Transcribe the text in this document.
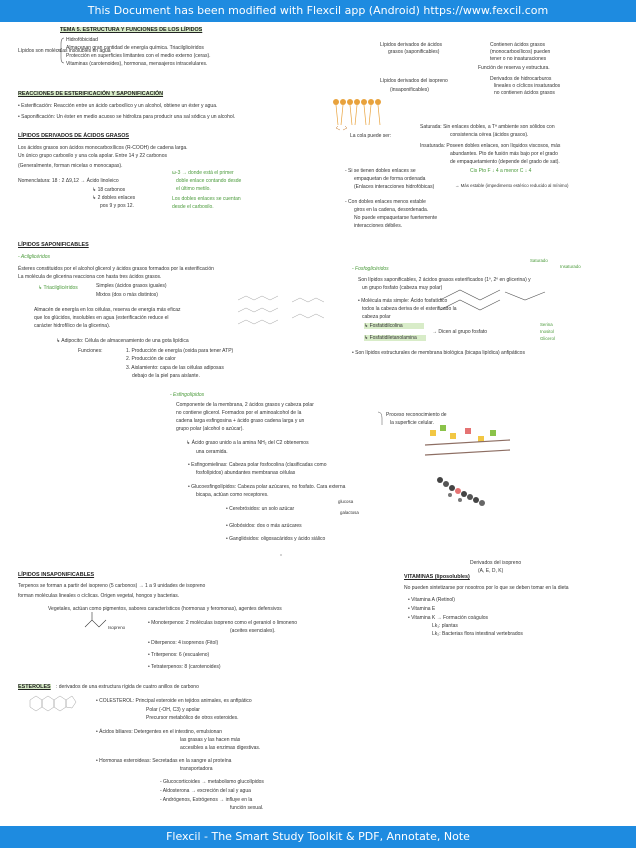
This Document has been modified with Flexcil app (Android) https://www.fexcil.com
TEMA 5. ESTRUCTURA Y FUNCIONES DE LOS LÍPIDOS
Lípidos son moléculas insolubles en agua
Hidrofóbicidad
Almacenan gran cantidad de energía química. Triacilglicéridos
Protección en superficies limitantes con el medio externo (ceras).
Vitaminas (carotenoides), hormonas, mensajeros intracelulares.
REACCIONES DE ESTERIFICACIÓN Y SAPONIFICACIÓN
• Esterificación: Reacción entre un ácido carboxílico y un alcohol, obtiene un éster y agua.
• Saponificación: Un éster en medio acuoso se hidroliza para producir una sal sódica y un alcohol.
LÍPIDOS DERIVADOS DE ÁCIDOS GRASOS
Los ácidos grasos son ácidos monocarboxílicos (R-COOH) de cadena larga.
Un único grupo carboxilo y una cola apolar. Entre 14 y 22 carbonos
(Generalmente, forman micelas o monocapas).
Nomenclatura: 18 : 2 Δ9,12 → Ácido linoleico
↳ 18 carbonos
↳ 2 dobles enlaces
pos 9 y pos 12.
ω-3 → donde está el primer
doble enlace contando desde
el último metilo.
Los dobles enlaces se cuentan
desde el carboxilo.
Lípidos derivados de ácidos
grasos (saponificables)
Contienen ácidos grasos
(monocarboxílicos) pueden
tener o no insaturaciones
Función de reserva y estructura.
Lípidos derivados del isopreno
(insaponificables)
Derivados de hidrocarburos
lineales o cíclicos insaturados
no contienen ácidos grasos
La cola puede ser:
Saturada: Sin enlaces dobles, a Tª ambiente son sólidos con
consistencia cérea (ácidos grasos).
Insaturada: Poseen dobles enlaces, son líquidos viscosos, más
abundantes. Pto de fusión más bajo por el grado
de empaquetamiento (depende del grado de sat).
Cis Pto F ↓ 4 a menor C ↓ 4
- Si se tienen dobles enlaces se
empaquetan de forma ordenada
(Enlaces interacciones hidrofóbicas)	→ Más estable (impedimento estérico reducido al mínimo)
- Con dobles enlaces menos estable
giros en la cadena, desordenada.
No puede empaquetarse fuertemente
interacciones débiles.
LÍPIDOS SAPONIFICABLES
- Acilglicéridos
Ésteres constituidos por el alcohol glicerol y ácidos grasos formados por la esterificación
La molécula de glicerina reacciona con hasta tres ácidos grasos.
↳ Triacilglicéridos	Simples (ácidos grasos iguales)
Mixtos (dos o más distintos)
Almacén de energía en los células, reserva de energía más eficaz
que los glúcidos, insolubles en agua (esterificación reduce el
carácter hidrofílico de la glicerina).
↳ Adipocito: Célula de almacenamiento de una gota lipídica
Funciones:	1. Producción de energía (oxida para tener ATP)
2. Producción de calor
3. Aislamiento: capa de las células adiposas
debajo de la piel para aislante.
- Fosfoglicéridos
Saturado
Insaturado
Son lípidos saponificables, 2 ácidos grasos esterificados (1º, 2º en glicerina) y
un grupo fosfato (cabeza muy polar)
• Molécula más simple: Ácido fosfatídico
todos la cabeza deriva de el esterificado la
cabeza polar
↳ Fosfatidilcolina
↳ Fosfatidiletanolamina
→ Dicen al grupo fosfato
Serina
Inositol
Glicerol
• Son lípidos estructurales de membrana biológica (bicapa lipídica) anfipáticos
- Esfingolípidos
Componente de la membrana, 2 ácidos grasos y cabeza polar
no contiene glicerol. Formados por el aminoalcohol de la
cadena larga esfingosina + ácido graso cadena larga y un
grupo polar (alcohol o azúcar).
↳ Ácido graso unido a la amina NH₂ del C2 obtenemos
una ceramida.
Proceso reconocimiento de
la superficie celular.
• Esfingomielinas: Cabeza polar fosfocolina (clasificadas como
fosfolípidos) abundantes membranas células
• Glucoesfingolípidos: Cabeza polar azúcares, no fosfato. Cara externa
bicapa, actúan como receptores.
• Cerebrósidos: un solo azúcar
glucosa
galactosa
• Globósidos: dos o más azúcares
• Gangliósidos: oligosacáridos y ácido siálico
LÍPIDOS INSAPONIFICABLES
Terpenos se forman a partir del isopreno (5 carbonos) → 1 a 9 unidades de isopreno
forman moléculas lineales o cíclicas. Origen vegetal, hongos y bacterias.
Vegetales, actúan como pigmentos, sabores característicos (hormonas y feromonas), agentes defensivos
Isopreno
• Monoterpenos: 2 moléculas isopreno como el geraniol o limoneno
(aceites esenciales).
• Diterpenos: 4 isoprenos (Fitol)
• Triterpenos: 6 (escualeno)
• Tetraterpenos: 8 (carotenoides)
Derivados del isopreno
(A, E, D, K)
VITAMINAS (liposolubles)
No pueden sintetizarse por nosotros por lo que se deben tomar en la dieta
• Vitamina A (Retinol)
• Vitamina E
• Vitamina K → Formación coágulos
Lk₁: plantas
Lk₂: Bacterias flora intestinal vertebrados
ESTEROLES : derivados de una estructura rígida de cuatro anillos de carbono
• COLESTEROL: Principal esteroide en tejidos animales, es anfipático
Polar (-OH, C3) y apolar
Precursor metabólico de otros esteroides.
• Ácidos biliares: Detergentes en el intestino, emulsionan
las grasas y las hacen más
accesibles a las enzimas digestivas.
• Hormonas esteroideas: Secretadas en la sangre al proteína
transportadora
- Glucocorticoides → metabolismo glucolípidos
- Aldosterona → excreción del sal y agua
- Andrógenos, Estrógenos → influye en la
función sexual.
Flexcil - The Smart Study Toolkit & PDF, Annotate, Note
